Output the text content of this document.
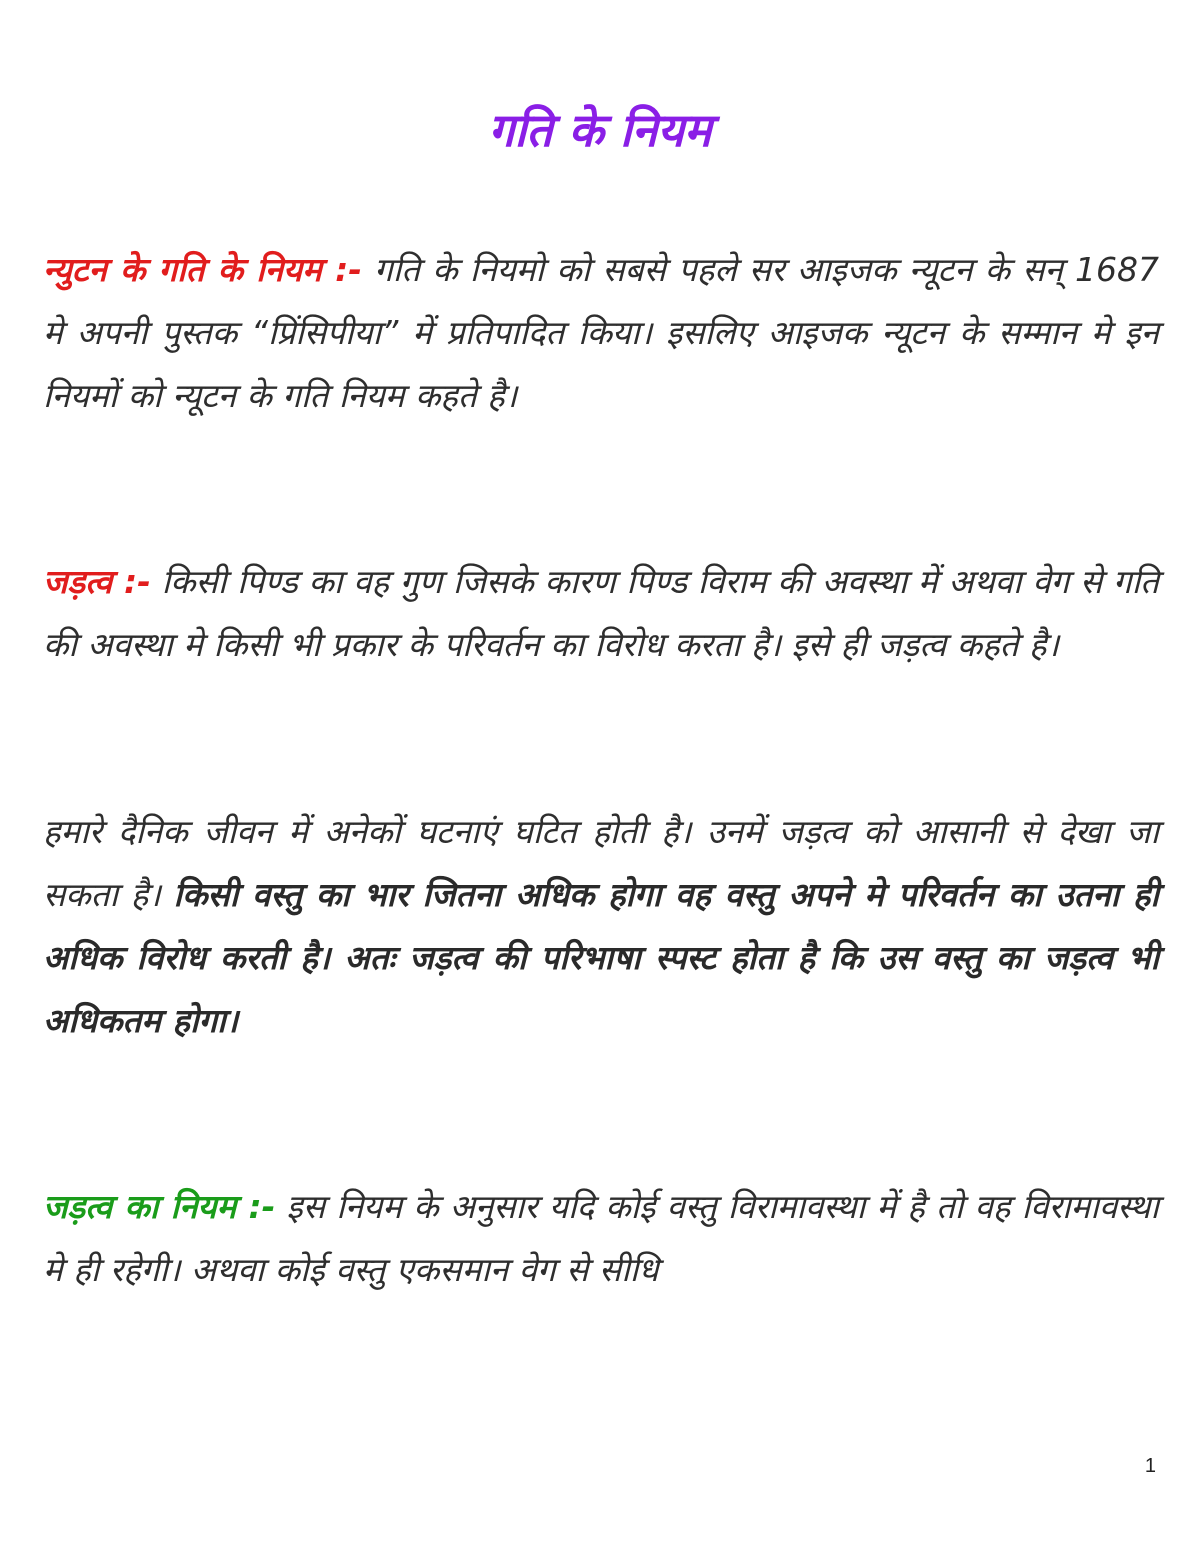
गति के नियम

न्युटन के गति के नियम :- गति के नियमो को सबसे पहले सर आइजक न्यूटन के सन् 1687 मे अपनी पुस्तक “प्रिंसिपीया” में प्रतिपादित किया। इसलिए आइजक न्यूटन के सम्मान मे इन नियमों को न्यूटन के गति नियम कहते है।

जड़त्व :- किसी पिण्ड का वह गुण जिसके कारण पिण्ड विराम की अवस्था में अथवा वेग से गति की अवस्था मे किसी भी प्रकार के परिवर्तन का विरोध करता है। इसे ही जड़त्व कहते है।

हमारे दैनिक जीवन में अनेकों घटनाएं घटित होती है। उनमें जड़त्व को आसानी से देखा जा सकता है। किसी वस्तु का भार जितना अधिक होगा वह वस्तु अपने मे परिवर्तन का उतना ही अधिक विरोध करती है। अतः जड़त्व की परिभाषा स्पस्ट होता है कि उस वस्तु का जड़त्व भी अधिकतम होगा।

जड़त्व का नियम :- इस नियम के अनुसार यदि कोई वस्तु विरामावस्था में है तो वह विरामावस्था मे ही रहेगी। अथवा कोई वस्तु एकसमान वेग से सीधि

1
